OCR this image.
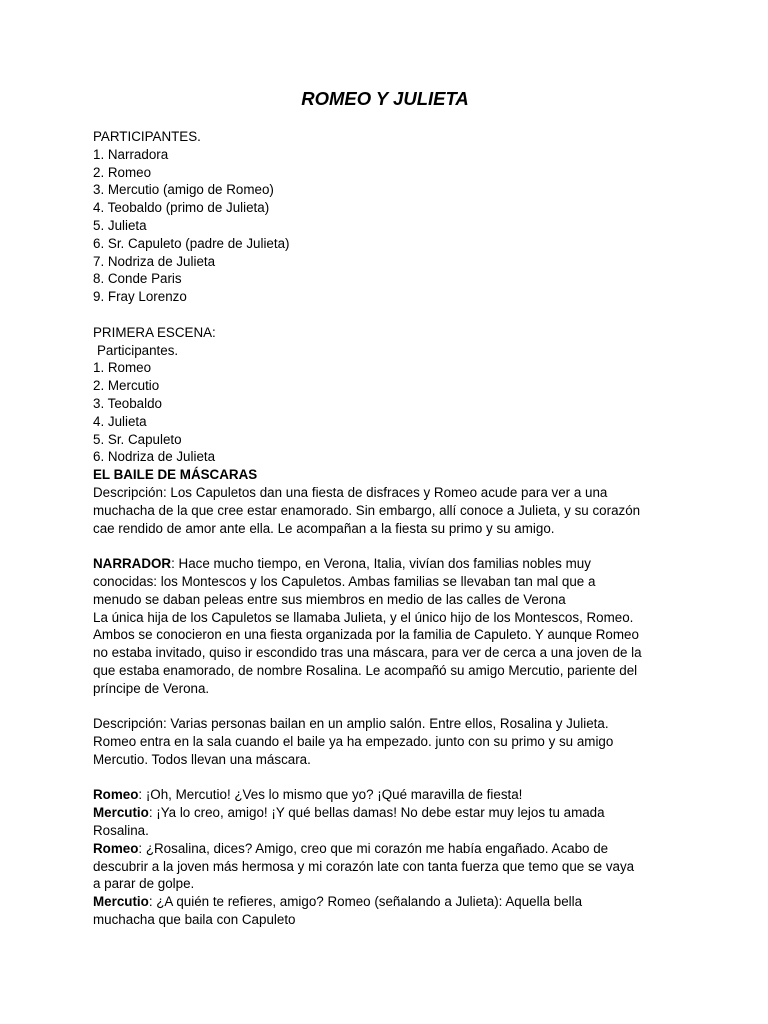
ROMEO Y JULIETA
PARTICIPANTES.
1. Narradora
2. Romeo
3. Mercutio (amigo de Romeo)
4. Teobaldo (primo de Julieta)
5. Julieta
6. Sr. Capuleto (padre de Julieta)
7. Nodriza de Julieta
8. Conde Paris
9. Fray Lorenzo
PRIMERA ESCENA:
Participantes.
1. Romeo
2. Mercutio
3. Teobaldo
4. Julieta
5. Sr. Capuleto
6. Nodriza de Julieta
EL BAILE DE MÁSCARAS
Descripción: Los Capuletos dan una fiesta de disfraces y Romeo acude para ver a una
muchacha de la que cree estar enamorado. Sin embargo, allí conoce a Julieta, y su corazón
cae rendido de amor ante ella. Le acompañan a la fiesta su primo y su amigo.
NARRADOR: Hace mucho tiempo, en Verona, Italia, vivían dos familias nobles muy
conocidas: los Montescos y los Capuletos. Ambas familias se llevaban tan mal que a
menudo se daban peleas entre sus miembros en medio de las calles de Verona
La única hija de los Capuletos se llamaba Julieta, y el único hijo de los Montescos, Romeo.
Ambos se conocieron en una fiesta organizada por la familia de Capuleto. Y aunque Romeo
no estaba invitado, quiso ir escondido tras una máscara, para ver de cerca a una joven de la
que estaba enamorado, de nombre Rosalina. Le acompañó su amigo Mercutio, pariente del
príncipe de Verona.
Descripción: Varias personas bailan en un amplio salón. Entre ellos, Rosalina y Julieta.
Romeo entra en la sala cuando el baile ya ha empezado. junto con su primo y su amigo
Mercutio. Todos llevan una máscara.
Romeo: ¡Oh, Mercutio! ¿Ves lo mismo que yo? ¡Qué maravilla de fiesta!
Mercutio: ¡Ya lo creo, amigo! ¡Y qué bellas damas! No debe estar muy lejos tu amada
Rosalina.
Romeo: ¿Rosalina, dices? Amigo, creo que mi corazón me había engañado. Acabo de
descubrir a la joven más hermosa y mi corazón late con tanta fuerza que temo que se vaya
a parar de golpe.
Mercutio: ¿A quién te refieres, amigo? Romeo (señalando a Julieta): Aquella bella
muchacha que baila con Capuleto
